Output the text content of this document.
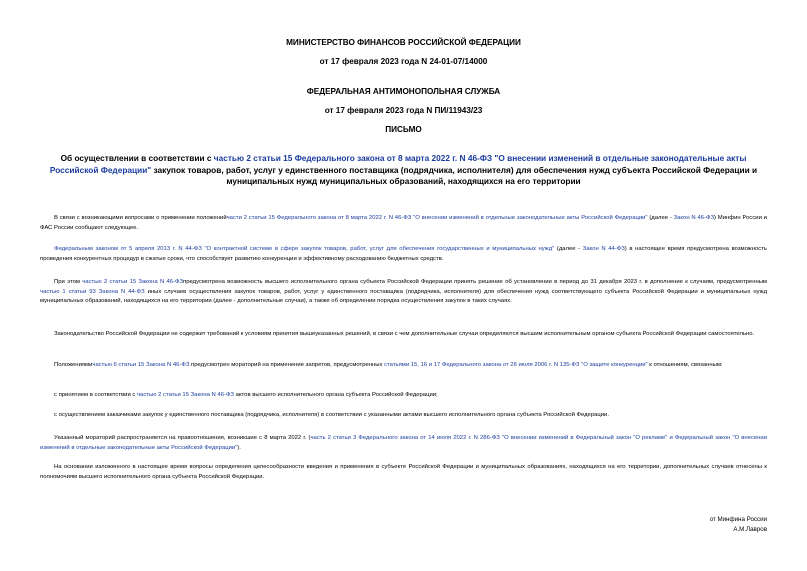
МИНИСТЕРСТВО ФИНАНСОВ РОССИЙСКОЙ ФЕДЕРАЦИИ
от 17 февраля 2023 года N 24-01-07/14000
ФЕДЕРАЛЬНАЯ АНТИМОНОПОЛЬНАЯ СЛУЖБА
от 17 февраля 2023 года N ПИ/11943/23
ПИСЬМО
Об осуществлении в соответствии с частью 2 статьи 15 Федерального закона от 8 марта 2022 г. N 46-ФЗ "О внесении изменений в отдельные законодательные акты Российской Федерации" закупок товаров, работ, услуг у единственного поставщика (подрядчика, исполнителя) для обеспечения нужд субъекта Российской Федерации и муниципальных нужд муниципальных образований, находящихся на его территории
В связи с возникающими вопросами о применении положенийчасти 2 статьи 15 Федерального закона от 8 марта 2022 г. N 46-ФЗ "О внесении изменений в отдельные законодательные акты Российской Федерации" (далее - Закон N 46-ФЗ) Минфин России и ФАС России сообщают следующее.
Федеральным законом от 5 апреля 2013 г. N 44-ФЗ "О контрактной системе в сфере закупок товаров, работ, услуг для обеспечения государственных и муниципальных нужд" (далее - Закон N 44-ФЗ) в настоящее время предусмотрена возможность проведения конкурентных процедур в сжатые сроки, что способствует развитию конкуренции и эффективному расходованию бюджетных средств.
При этом частью 2 статьи 15 Закона N 46-ФЗпредусмотрена возможность высшего исполнительного органа субъекта Российской Федерации принять решение об установлении в период до 31 декабря 2023 г. в дополнение к случаям, предусмотренным частью 1 статьи 93 Закона N 44-ФЗ иных случаев осуществления закупок товаров, работ, услуг у единственного поставщика (подрядчика, исполнителя) для обеспечения нужд соответствующего субъекта Российской Федерации и муниципальных нужд муниципальных образований, находящихся на его территории (далее - дополнительные случаи), а также об определении порядка осуществления закупок в таких случаях.
Законодательство Российской Федерации не содержит требований к условиям принятия вышеуказанных решений, в связи с чем дополнительные случаи определяются высшим исполнительным органом субъекта Российской Федерации самостоятельно.
Положениямичастью 6 статьи 15 Закона N 46-ФЗ предусмотрен мораторий на применение запретов, предусмотренных статьями 15, 16 и 17 Федерального закона от 26 июля 2006 г. N 135-ФЗ "О защите конкуренции" к отношениям, связанным:
с принятием в соответствии с частью 2 статьи 15 Закона N 46-ФЗ актов высшего исполнительного органа субъекта Российской Федерации;
с осуществлением заказчиками закупок у единственного поставщика (подрядчика, исполнителя) в соответствии с указанными актами высшего исполнительного органа субъекта Российской Федерации.
Указанный мораторий распространяется на правоотношения, возникшие с 8 марта 2022 г. (часть 2 статьи 3 Федерального закона от 14 июля 2022 г. N 286-ФЗ "О внесении изменений в Федеральный закон "О рекламе" и Федеральный закон "О внесении изменений в отдельные законодательные акты Российской Федерации").
На основании изложенного в настоящее время вопросы определения целесообразности введения и применения в субъекте Российской Федерации и муниципальных образованиях, находящихся на его территории, дополнительных случаев отнесены к полномочиям высшего исполнительного органа субъекта Российской Федерации.
от Минфина России
А.М.Лавров
